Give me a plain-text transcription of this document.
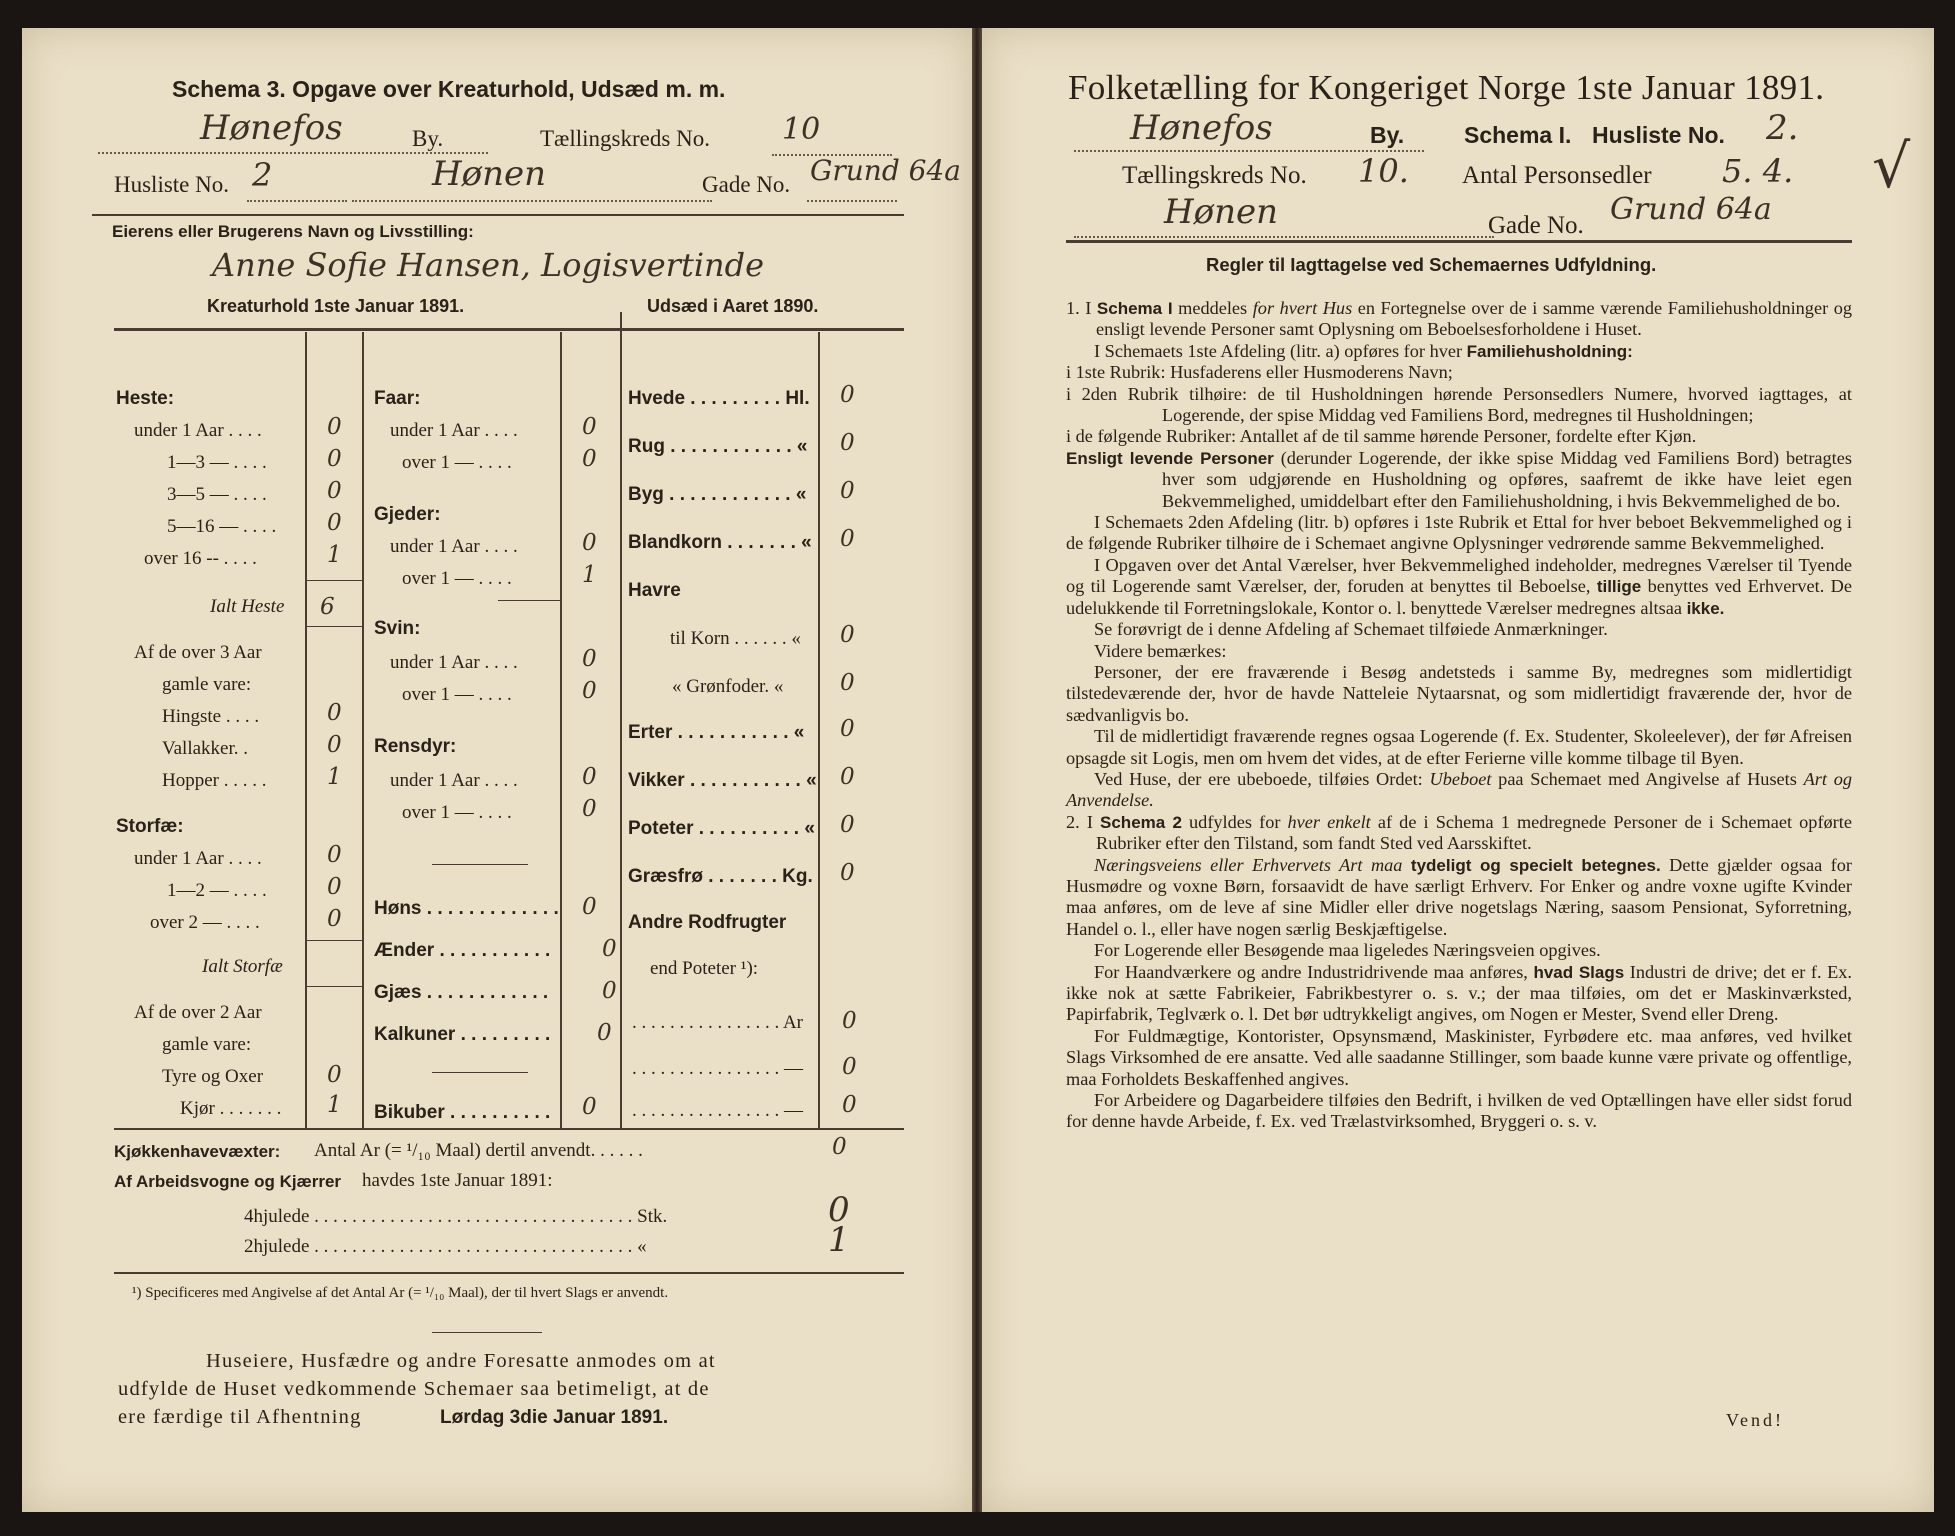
Schema 3. Opgave over Kreaturhold, Udsæd m. m.
Hønefos	By.	Tællingskreds No. 10
Husliste No. 2	Hønen	Gade No. Grund 64a
Eierens eller Brugerens Navn og Livsstilling:
Anne Sofie Hansen, Logisvertinde
Kreaturhold 1ste Januar 1891.	Udsæd i Aaret 1890.
Heste:
under 1 Aar . . . .	0
1—3 — . . . .	0
3—5 — . . . .	0
5—16 — . . . . 0
over 16 -- . . . .	1
Ialt Heste 6
Af de over 3 Aar
gamle vare:
Hingste . . . .	0
Vallakker. .	0
Hopper . . . . .	1
Storfæ:
under 1 Aar . . . .	0
1—2 — . . . .	0
over 2 — . . . .	0
Ialt Storfæ
Af de over 2 Aar
gamle vare:
Tyre og Oxer	0
Kjør . . . . . . . 1
Faar:
under 1 Aar . . . .	0
over 1 — . . . .	0
Gjeder:
under 1 Aar . . . .	0
over 1 — . . . .	1
Svin:
under 1 Aar . . . .	0
over 1 — . . . .	0
Rensdyr:
under 1 Aar . . . .	0
over 1 — . . . .	0
Høns . . . . . . . . . . . . . 0
Ænder . . . . . . . . . . . 0
Gjæs . . . . . . . . . . . . 0
Kalkuner . . . . . . . . . 0
Bikuber . . . . . . . . . . 0
Hvede . . . . . . . . . Hl. 0
Rug . . . . . . . . . . . . « 0
Byg . . . . . . . . . . . . « 0
Blandkorn . . . . . . . « 0
Havre
til Korn . . . . . . « 0
« Grønfoder. « 0
Erter . . . . . . . . . . . « 0
Vikker . . . . . . . . . . . « 0
Poteter . . . . . . . . . . « 0
Græsfrø . . . . . . . Kg. 0
Andre Rodfrugter
end Poteter ¹):
. . . . . . . . . . . . . . . . Ar 0
. . . . . . . . . . . . . . . . — 0
. . . . . . . . . . . . . . . . — 0
Kjøkkenhavevæxter: Antal Ar (= ¹/₁₀ Maal) dertil anvendt. . . . . .	0
Af Arbeidsvogne og Kjærrer havdes 1ste Januar 1891:
4hjulede . . . . . . . . . . . . . . . . . . . . . . . . . . . . . . . . . . Stk.	0
2hjulede . . . . . . . . . . . . . . . . . . . . . . . . . . . . . . . . . . «	1
¹) Specificeres med Angivelse af det Antal Ar (= ¹/₁₀ Maal), der til hvert Slags er anvendt.
Huseiere, Husfædre og andre Foresatte anmodes om at
udfylde de Huset vedkommende Schemaer saa betimeligt, at de
ere færdige til Afhentning	Lørdag 3die Januar 1891.
Folketælling for Kongeriget Norge 1ste Januar 1891.
Hønefos	By.	Schema I. Husliste No. 2.
Tællingskreds No. 10. Antal Personsedler 5. 4.
Hønen	Gade No. Grund 64a
√
Regler til Iagttagelse ved Schemaernes Udfyldning.

1. I Schema I meddeles for hvert Hus en Fortegnelse over de i samme værende Familiehusholdninger og ensligt levende Personer samt Oplysning om Beboelsesforholdene i Huset.

I Schemaets 1ste Afdeling (litr. a) opføres for hver Familiehusholdning:

i 1ste Rubrik: Husfaderens eller Husmoderens Navn;

i 2den Rubrik tilhøire: de til Husholdningen hørende Personsedlers Numere, hvorved iagttages, at Logerende, der spise Middag ved Familiens Bord, medregnes til Husholdningen;

i de følgende Rubriker: Antallet af de til samme hørende Personer, fordelte efter Kjøn.

Ensligt levende Personer (derunder Logerende, der ikke spise Middag ved Familiens Bord) betragtes hver som udgjørende en Husholdning og opføres, saafremt de ikke have leiet egen Bekvemmelighed, umiddelbart efter den Familiehusholdning, i hvis Bekvemmelighed de bo.

I Schemaets 2den Afdeling (litr. b) opføres i 1ste Rubrik et Ettal for hver beboet Bekvemmelighed og i de følgende Rubriker tilhøire de i Schemaet angivne Oplysninger vedrørende samme Bekvemmelighed.

I Opgaven over det Antal Værelser, hver Bekvemmelighed indeholder, medregnes Værelser til Tyende og til Logerende samt Værelser, der, foruden at benyttes til Beboelse, tillige benyttes ved Erhvervet. De udelukkende til Forretningslokale, Kontor o. l. benyttede Værelser medregnes altsaa ikke.

Se forøvrigt de i denne Afdeling af Schemaet tilføiede Anmærkninger.

Videre bemærkes:

Personer, der ere fraværende i Besøg andetsteds i samme By, medregnes som midlertidigt tilstedeværende der, hvor de havde Natteleie Nytaarsnat, og som midlertidigt fraværende der, hvor de sædvanligvis bo.

Til de midlertidigt fraværende regnes ogsaa Logerende (f. Ex. Studenter, Skoleelever), der før Afreisen opsagde sit Logis, men om hvem det vides, at de efter Ferierne ville komme tilbage til Byen.

Ved Huse, der ere ubeboede, tilføies Ordet: Ubeboet paa Schemaet med Angivelse af Husets Art og Anvendelse.

2. I Schema 2 udfyldes for hver enkelt af de i Schema 1 medregnede Personer de i Schemaet opførte Rubriker efter den Tilstand, som fandt Sted ved Aarsskiftet.

Næringsveiens eller Erhvervets Art maa tydeligt og specielt betegnes. Dette gjælder ogsaa for Husmødre og voxne Børn, forsaavidt de have særligt Erhverv. For Enker og andre voxne ugifte Kvinder maa anføres, om de leve af sine Midler eller drive nogetslags Næring, saasom Pensionat, Syforretning, Handel o. l., eller have nogen særlig Beskjæftigelse.

For Logerende eller Besøgende maa ligeledes Næringsveien opgives.

For Haandværkere og andre Industridrivende maa anføres, hvad Slags Industri de drive; det er f. Ex. ikke nok at sætte Fabrikeier, Fabrikbestyrer o. s. v.; der maa tilføies, om det er Maskinværksted, Papirfabrik, Teglværk o. l. Det bør udtrykkeligt angives, om Nogen er Mester, Svend eller Dreng.

For Fuldmægtige, Kontorister, Opsynsmænd, Maskinister, Fyrbødere etc. maa anføres, ved hvilket Slags Virksomhed de ere ansatte. Ved alle saadanne Stillinger, som baade kunne være private og offentlige, maa Forholdets Beskaffenhed angives.

For Arbeidere og Dagarbeidere tilføies den Bedrift, i hvilken de ved Optællingen have eller sidst forud for denne havde Arbeide, f. Ex. ved Trælastvirksomhed, Bryggeri o. s. v.

Vend!
